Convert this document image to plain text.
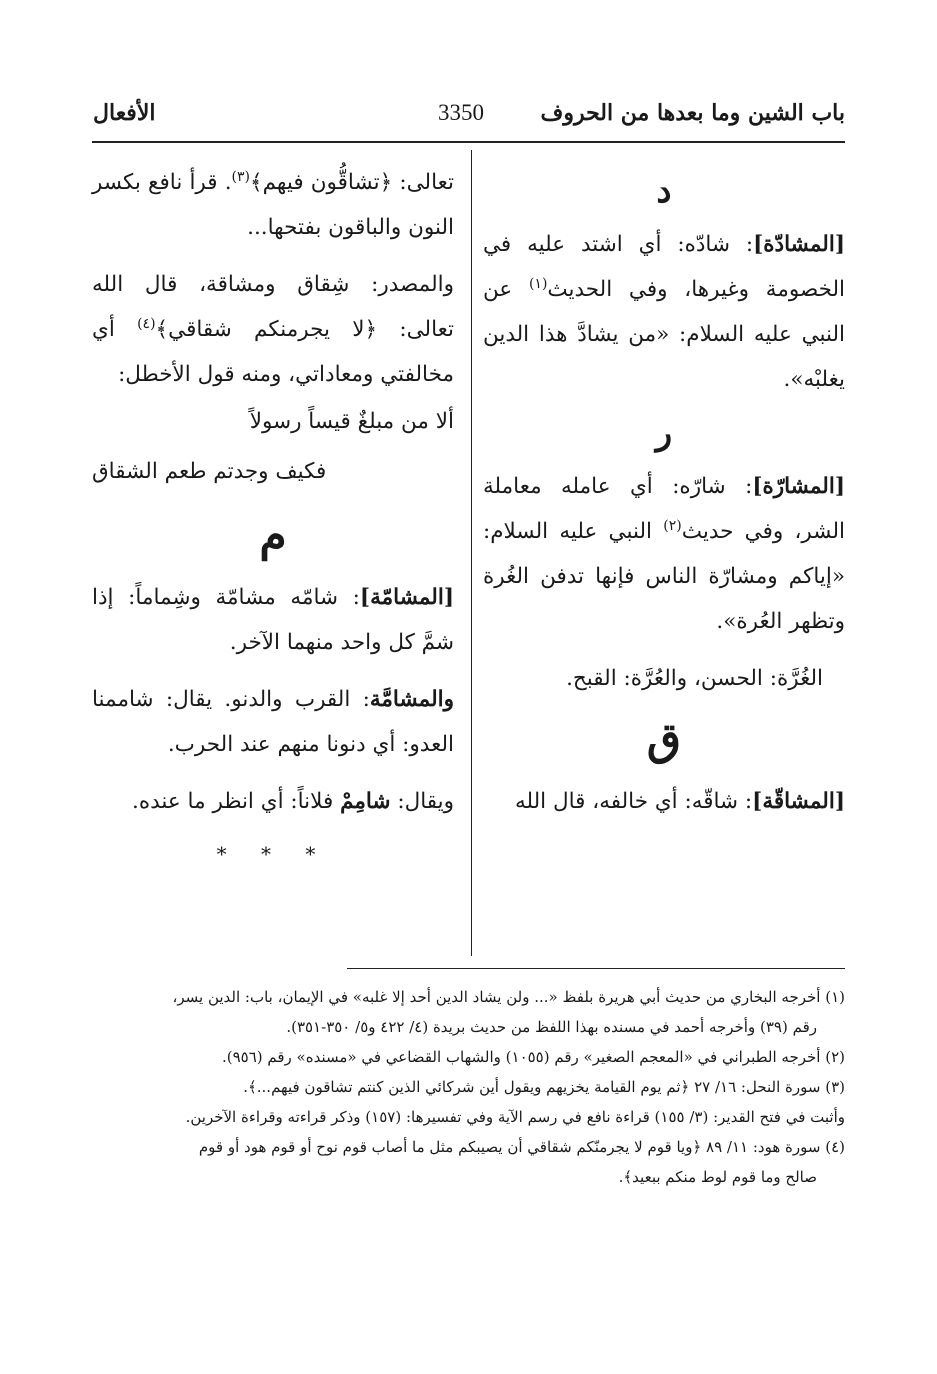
باب الشين وما بعدها من الحروف
3350
الأفعال

د

[المشادّة]: شادّه: أي اشتد عليه في الخصومة وغيرها، وفي الحديث$^{(١)}$ عن النبي عليه السلام: «من يشادَّ هذا الدين يغلبْه».

ر

[المشارّة]: شارّه: أي عامله معاملة الشر، وفي حديث$^{(٢)}$ النبي عليه السلام: «إياكم ومشارّة الناس فإنها تدفن الغُرة وتظهر العُرة».

الغُرَّة: الحسن، والعُرَّة: القبح.

ق

[المشاقّة]: شاقّه: أي خالفه، قال الله

تعالى: ﴿تشاقُّون فيهم﴾$^{(٣)}$. قرأ نافع بكسر النون والباقون بفتحها...

والمصدر: شِقاق ومشاقة، قال الله تعالى: ﴿لا يجرمنكم شقاقي﴾$^{(٤)}$ أي مخالفتي ومعاداتي، ومنه قول الأخطل:

ألا من مبلغٌ قيساً رسولاً

فكيف وجدتم طعم الشقاق

م

[المشامّة]: شامّه مشامّة وشِماماً: إذا شمَّ كل واحد منهما الآخر.

والمشامَّة: القرب والدنو. يقال: شاممنا العدو: أي دنونا منهم عند الحرب.

ويقال: شامِمْ فلاناً: أي انظر ما عنده.

* * *

(١) أخرجه البخاري من حديث أبي هريرة بلفظ «... ولن يشاد الدين أحد إلا غلبه» في الإيمان، باب: الدين يسر،

رقم (٣٩) وأخرجه أحمد في مسنده بهذا اللفظ من حديث بريدة (٤/ ٤٢٢ و٥/ ٣٥٠-٣٥١).

(٢) أخرجه الطبراني في «المعجم الصغير» رقم (١٠٥٥) والشهاب القضاعي في «مسنده» رقم (٩٥٦).

(٣) سورة النحل: ١٦/ ٢٧ ﴿ثم يوم القيامة يخزيهم ويقول أين شركائي الذين كنتم تشاقون فيهم...﴾.

وأثبت في فتح القدير: (٣/ ١٥٥) قراءة نافع في رسم الآية وفي تفسيرها: (١٥٧) وذكر قراءته وقراءة الآخرين.

(٤) سورة هود: ١١/ ٨٩ ﴿ويا قوم لا يجرمنّكم شقاقي أن يصيبكم مثل ما أصاب قوم نوح أو قوم هود أو قوم

صالح وما قوم لوط منكم ببعيد﴾.
